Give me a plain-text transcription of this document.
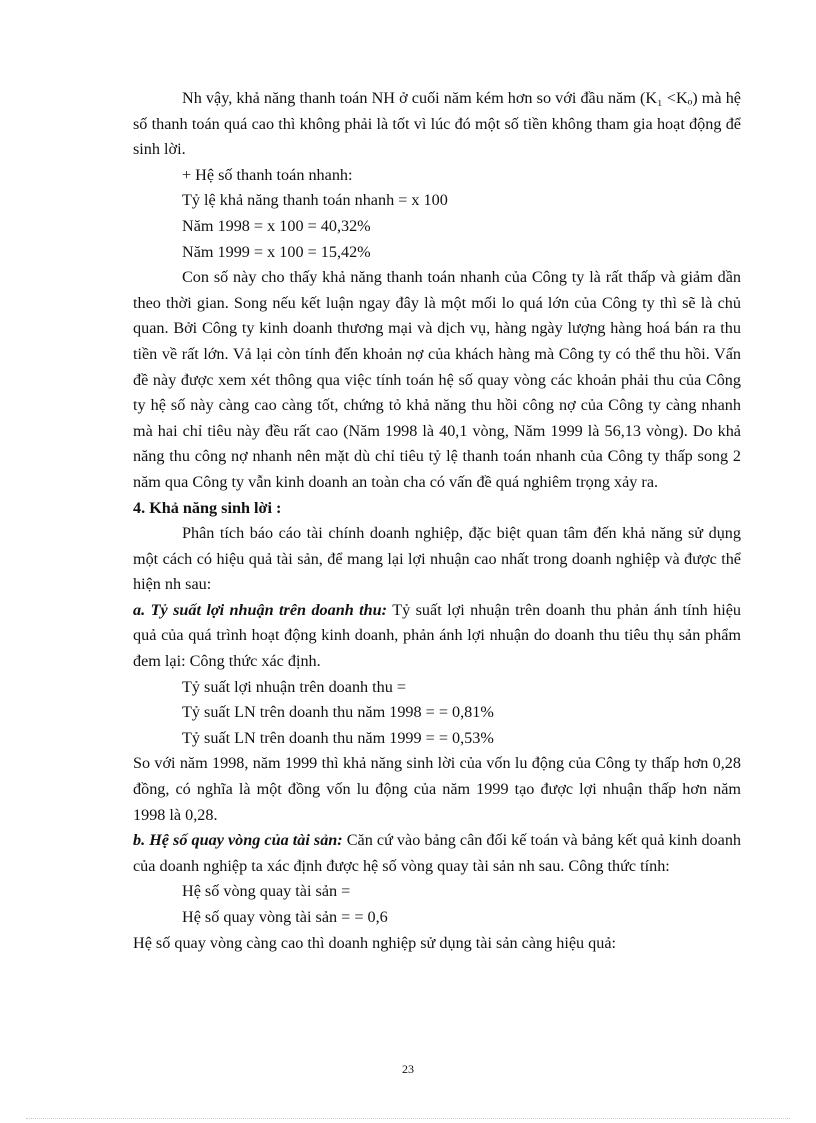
Nh vậy, khả năng thanh toán NH ở cuối năm kém hơn so với đầu năm (K₁ <Kₒ) mà hệ số thanh toán quá cao thì không phải là tốt vì lúc đó một số tiền không tham gia hoạt động để sinh lời.

+ Hệ số thanh toán nhanh:

Tỷ lệ khả năng thanh toán nhanh = x 100

Năm 1998 = x 100 = 40,32%

Năm 1999 = x 100 = 15,42%

Con số này cho thấy khả năng thanh toán nhanh của Công ty là rất thấp và giảm dần theo thời gian. Song nếu kết luận ngay đây là một mối lo quá lớn của Công ty thì sẽ là chủ quan. Bởi Công ty kinh doanh thương mại và dịch vụ, hàng ngày lượng hàng hoá bán ra thu tiền về rất lớn. Vả lại còn tính đến khoản nợ của khách hàng mà Công ty có thể thu hồi. Vấn đề này được xem xét thông qua việc tính toán hệ số quay vòng các khoản phải thu của Công ty hệ số này càng cao càng tốt, chứng tỏ khả năng thu hồi công nợ của Công ty càng nhanh mà hai chỉ tiêu này đều rất cao (Năm 1998 là 40,1 vòng, Năm 1999 là 56,13 vòng). Do khả năng thu công nợ nhanh nên mặt dù chỉ tiêu tỷ lệ thanh toán nhanh của Công ty thấp song 2 năm qua Công ty vẫn kinh doanh an toàn cha có vấn đề quá nghiêm trọng xảy ra.

4. Khả năng sinh lời :

Phân tích báo cáo tài chính doanh nghiệp, đặc biệt quan tâm đến khả năng sử dụng một cách có hiệu quả tài sản, để mang lại lợi nhuận cao nhất trong doanh nghiệp và được thể hiện nh sau:

a. Tỷ suất lợi nhuận trên doanh thu: Tỷ suất lợi nhuận trên doanh thu phản ánh tính hiệu quả của quá trình hoạt động kinh doanh, phản ánh lợi nhuận do doanh thu tiêu thụ sản phẩm đem lại: Công thức xác định.

Tỷ suất lợi nhuận trên doanh thu =

Tỷ suất LN trên doanh thu năm 1998 = = 0,81%

Tỷ suất LN trên doanh thu năm 1999 = = 0,53%

So với năm 1998, năm 1999 thì khả năng sinh lời của vốn lu động của Công ty thấp hơn 0,28 đồng, có nghĩa là một đồng vốn lu động của năm 1999 tạo được lợi nhuận thấp hơn năm 1998 là 0,28.

b. Hệ số quay vòng của tài sản: Căn cứ vào bảng cân đối kế toán và bảng kết quả kinh doanh của doanh nghiệp ta xác định được hệ số vòng quay tài sản nh sau. Công thức tính:

Hệ số vòng quay tài sản =

Hệ số quay vòng tài sản = = 0,6

Hệ số quay vòng càng cao thì doanh nghiệp sử dụng tài sản càng hiệu quả:

23
